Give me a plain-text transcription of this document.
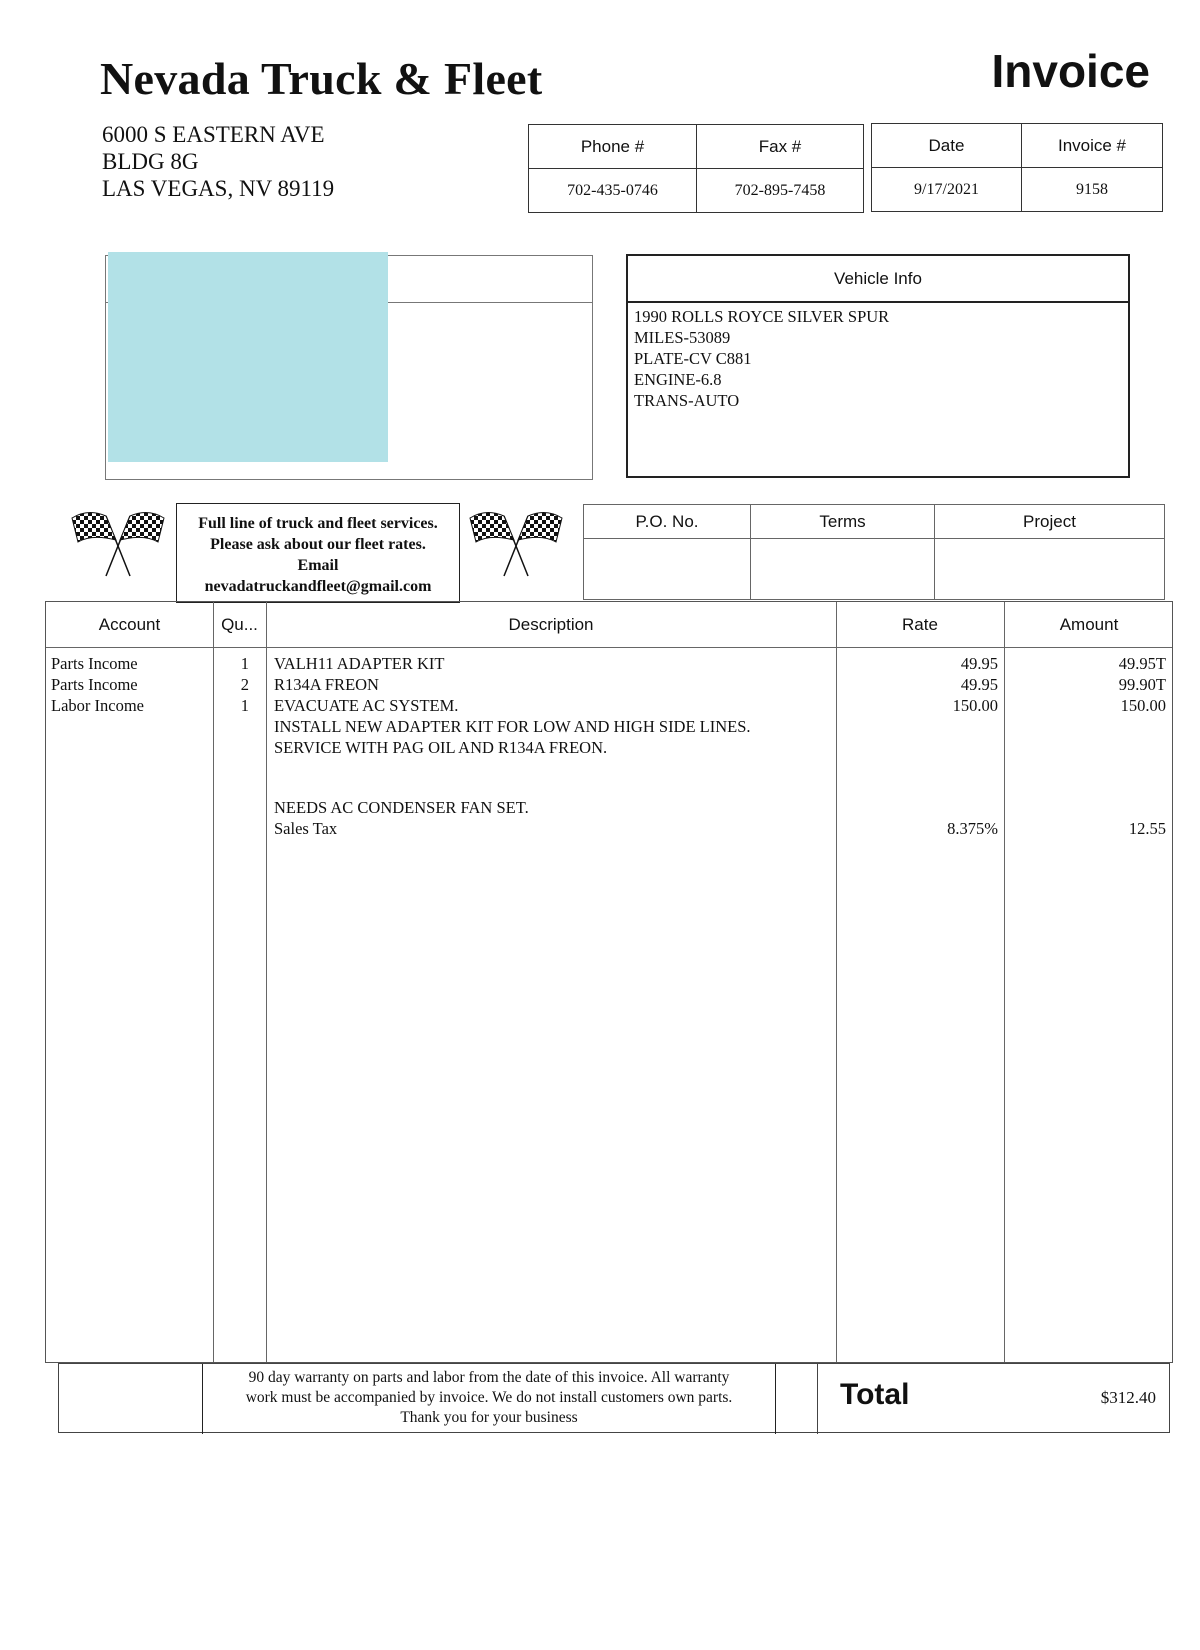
Nevada Truck & Fleet	Invoice
6000 S EASTERN AVE
BLDG 8G
LAS VEGAS, NV 89119
Phone #	Fax #
702-435-0746	702-895-7458
Date	Invoice #
9/17/2021	9158
Vehicle Info
1990 ROLLS ROYCE SILVER SPUR
MILES-53089
PLATE-CV C881
ENGINE-6.8
TRANS-AUTO
Full line of truck and fleet services.
Please ask about our fleet rates.
Email
nevadatruckandfleet@gmail.com
P.O. No.	Terms	Project
Account	Qu...	Description	Rate	Amount
Parts Income	1 VALH11 ADAPTER KIT	49.95	49.95T
Parts Income	2 R134A FREON	49.95	99.90T
Labor Income	1 EVACUATE AC SYSTEM.	150.00	150.00
INSTALL NEW ADAPTER KIT FOR LOW AND HIGH SIDE LINES.
SERVICE WITH PAG OIL AND R134A FREON.
NEEDS AC CONDENSER FAN SET.
Sales Tax	8.375%	12.55
90 day warranty on parts and labor from the date of this invoice. All warranty
work must be accompanied by invoice. We do not install customers own parts.
Thank you for your business
Total	$312.40
